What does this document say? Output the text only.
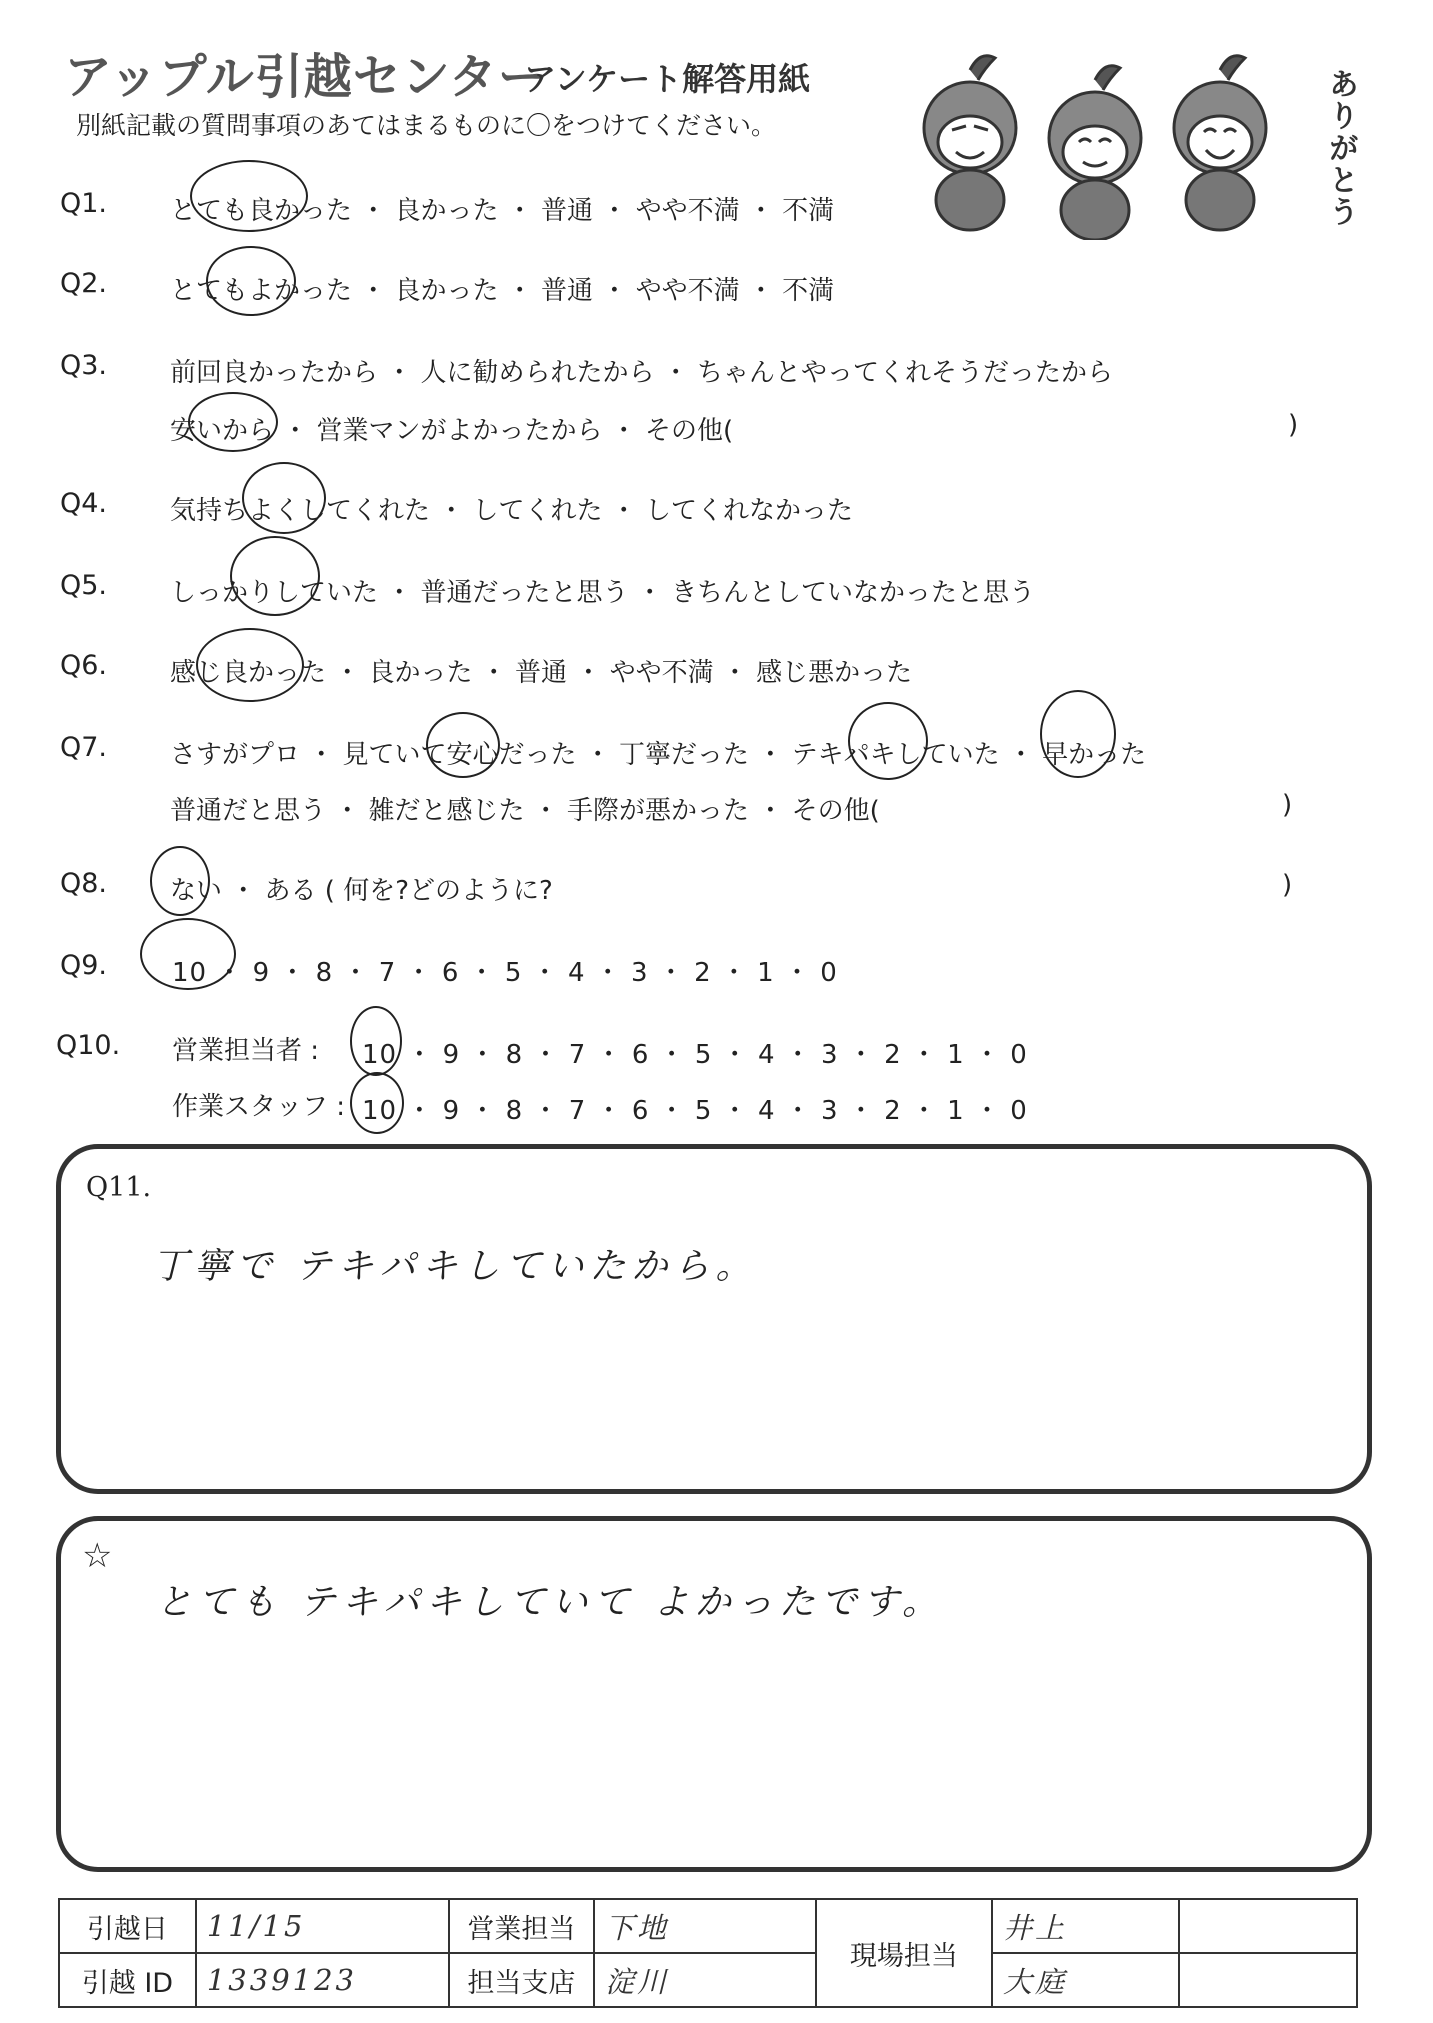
アップル引越センター
アンケート解答用紙
別紙記載の質問事項のあてはまるものに〇をつけてください。	ありがとう
Q1. とても良かった ・ 良かった ・ 普通 ・ やや不満 ・ 不満
Q2. とてもよかった ・ 良かった ・ 普通 ・ やや不満 ・ 不満
Q3. 前回良かったから ・ 人に勧められたから ・ ちゃんとやってくれそうだったから
安いから ・ 営業マンがよかったから ・ その他(	)
Q4. 気持ちよくしてくれた ・ してくれた ・ してくれなかった
Q5. しっかりしていた ・ 普通だったと思う ・ きちんとしていなかったと思う
Q6. 感じ良かった ・ 良かった ・ 普通 ・ やや不満 ・ 感じ悪かった
Q7. さすがプロ ・ 見ていて安心だった ・ 丁寧だった ・ テキパキしていた ・ 早かった
普通だと思う ・ 雑だと感じた ・ 手際が悪かった ・ その他(	)
Q8. ない ・ ある ( 何を?どのように?	)
Q9. 10 ・ 9 ・ 8 ・ 7 ・ 6 ・ 5 ・ 4 ・ 3 ・ 2 ・ 1 ・ 0
Q10. 営業担当者 : 10 ・ 9 ・ 8 ・ 7 ・ 6 ・ 5 ・ 4 ・ 3 ・ 2 ・ 1 ・ 0
作業スタッフ : 10 ・ 9 ・ 8 ・ 7 ・ 6 ・ 5 ・ 4 ・ 3 ・ 2 ・ 1 ・ 0
Q11.
丁寧で テキパキしていたから。
☆
とても テキパキしていて よかったです。
引越日	11/15	営業担当	下地	現場担当	井上	
引越 ID	1339123	担当支店	淀川		大庭	
